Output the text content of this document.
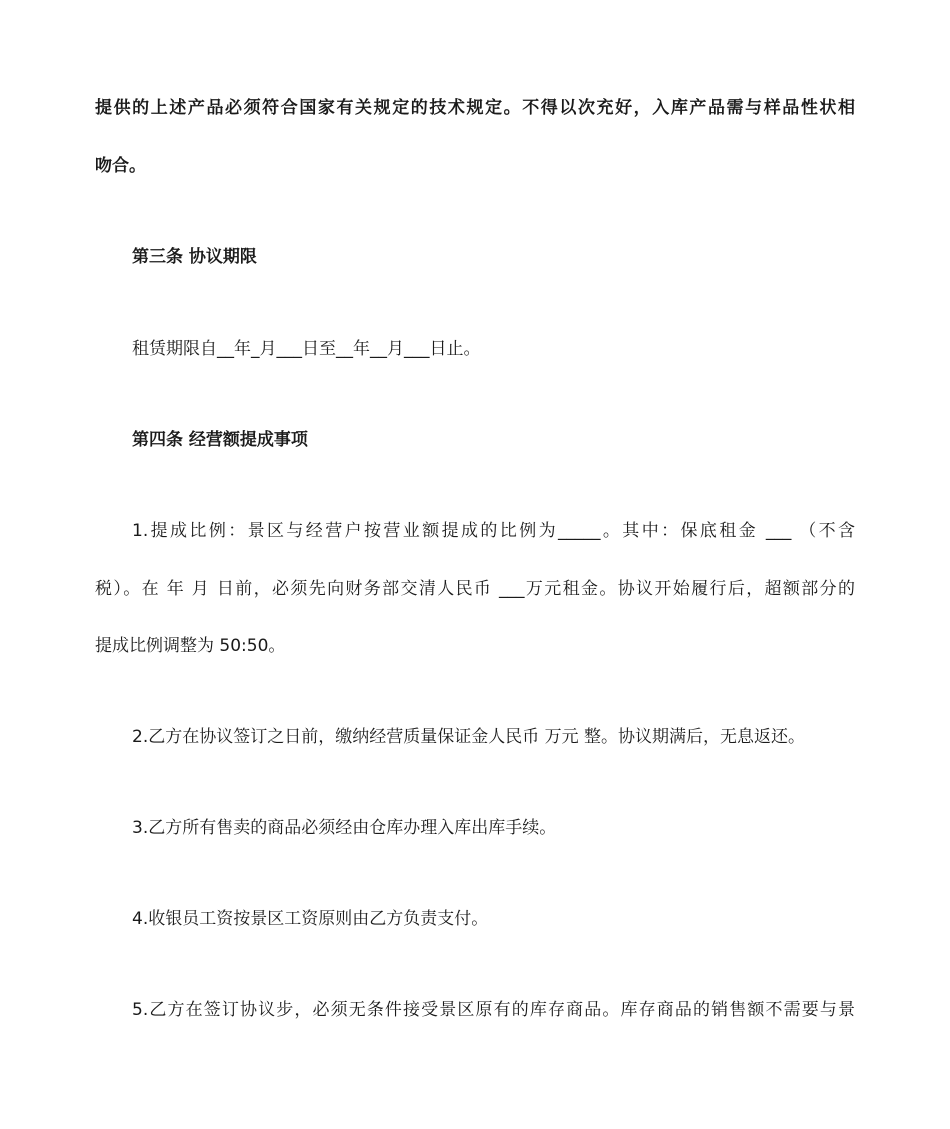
提供的上述产品必须符合国家有关规定的技术规定。不得以次充好，入库产品需与样品性状相
吻合。
第三条 协议期限
租赁期限自__年_月___日至__年__月___日止。
第四条 经营额提成事项
1.提成比例：景区与经营户按营业额提成的比例为_____。其中：保底租金 ___ （不含
税）。在 年 月 日前，必须先向财务部交清人民币 ___万元租金。协议开始履行后，超额部分的
提成比例调整为 50:50。
2.乙方在协议签订之日前，缴纳经营质量保证金人民币 万元 整。协议期满后，无息返还。
3.乙方所有售卖的商品必须经由仓库办理入库出库手续。
4.收银员工资按景区工资原则由乙方负责支付。
5.乙方在签订协议步，必须无条件接受景区原有的库存商品。库存商品的销售额不需要与景
